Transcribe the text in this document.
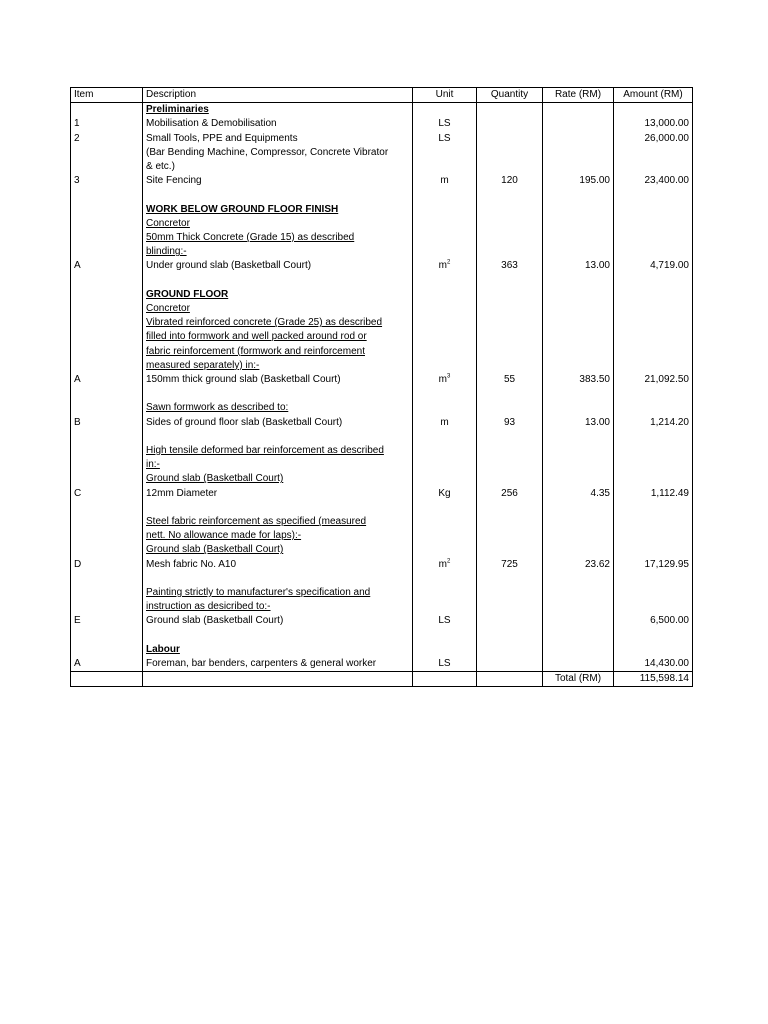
Item	Description	Unit	Quantity	Rate (RM)	Amount (RM)
	Preliminaries				
1	Mobilisation & Demobilisation	LS			13,000.00
2	Small Tools, PPE and Equipments	LS			26,000.00
	(Bar Bending Machine, Compressor, Concrete Vibrator				
	& etc.)				
3	Site Fencing	m	120	195.00	23,400.00

	WORK BELOW GROUND FLOOR FINISH				
	Concretor				
	50mm Thick Concrete (Grade 15) as described				
	blinding:-				
A	Under ground slab (Basketball Court)	$m^2$	363	13.00	4,719.00

	GROUND FLOOR				
	Concretor				
	Vibrated reinforced concrete (Grade 25) as described				
	filled into formwork and well packed around rod or				
	fabric reinforcement (formwork and reinforcement				
	measured separately) in:-				
A	150mm thick ground slab (Basketball Court)	$m^3$	55	383.50	21,092.50

	Sawn formwork as described to:				
B	Sides of ground floor slab (Basketball Court)	m	93	13.00	1,214.20

	High tensile deformed bar reinforcement as described				
	in:-				
	Ground slab (Basketball Court)				
C	12mm Diameter	Kg	256	4.35	1,112.49

	Steel fabric reinforcement as specified (measured				
	nett. No allowance made for laps):-				
	Ground slab (Basketball Court)				
D	Mesh fabric No. A10	$m^2$	725	23.62	17,129.95

	Painting strictly to manufacturer's specification and				
	instruction as desicribed to:-				
E	Ground slab (Basketball Court)	LS			6,500.00

	Labour				
A	Foreman, bar benders, carpenters & general worker	LS			14,430.00
				Total (RM)	115,598.14
